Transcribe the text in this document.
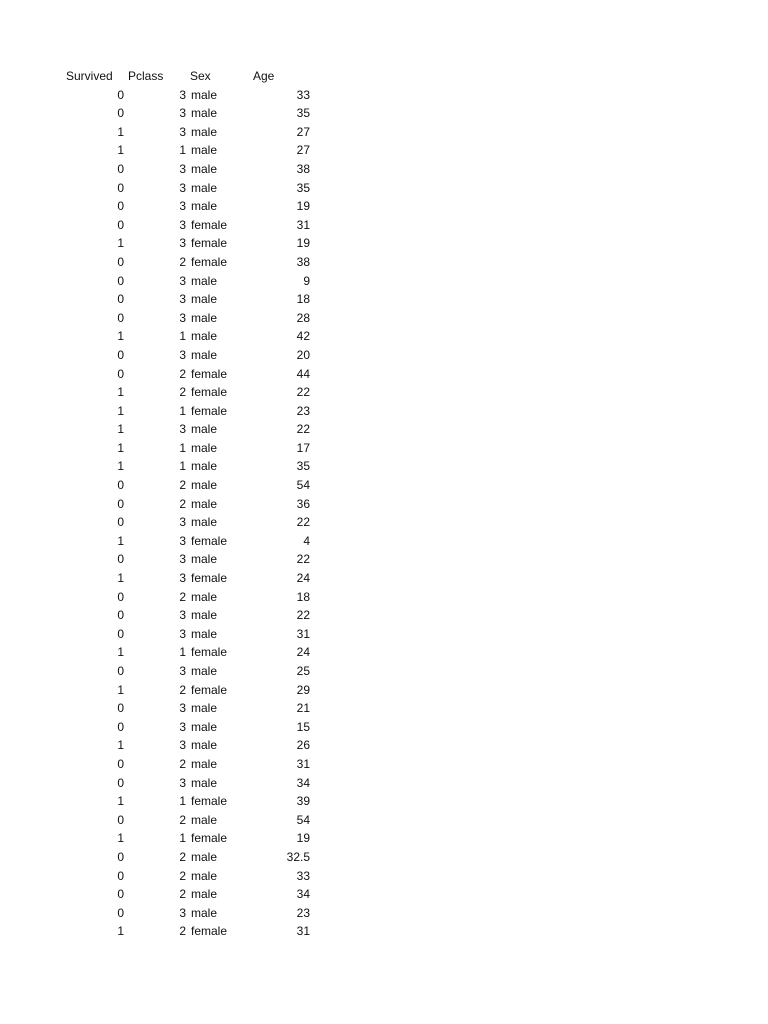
Survived	Pclass	Sex	Age
0	3 male	33
0	3 male	35
1	3 male	27
1	1 male	27
0	3 male	38
0	3 male	35
0	3 male	19
0	3 female	31
1	3 female	19
0	2 female	38
0	3 male	9
0	3 male	18
0	3 male	28
1	1 male	42
0	3 male	20
0	2 female	44
1	2 female	22
1	1 female	23
1	3 male	22
1	1 male	17
1	1 male	35
0	2 male	54
0	2 male	36
0	3 male	22
1	3 female	4
0	3 male	22
1	3 female	24
0	2 male	18
0	3 male	22
0	3 male	31
1	1 female	24
0	3 male	25
1	2 female	29
0	3 male	21
0	3 male	15
1	3 male	26
0	2 male	31
0	3 male	34
1	1 female	39
0	2 male	54
1	1 female	19
0	2 male	32.5
0	2 male	33
0	2 male	34
0	3 male	23
1	2 female	31
